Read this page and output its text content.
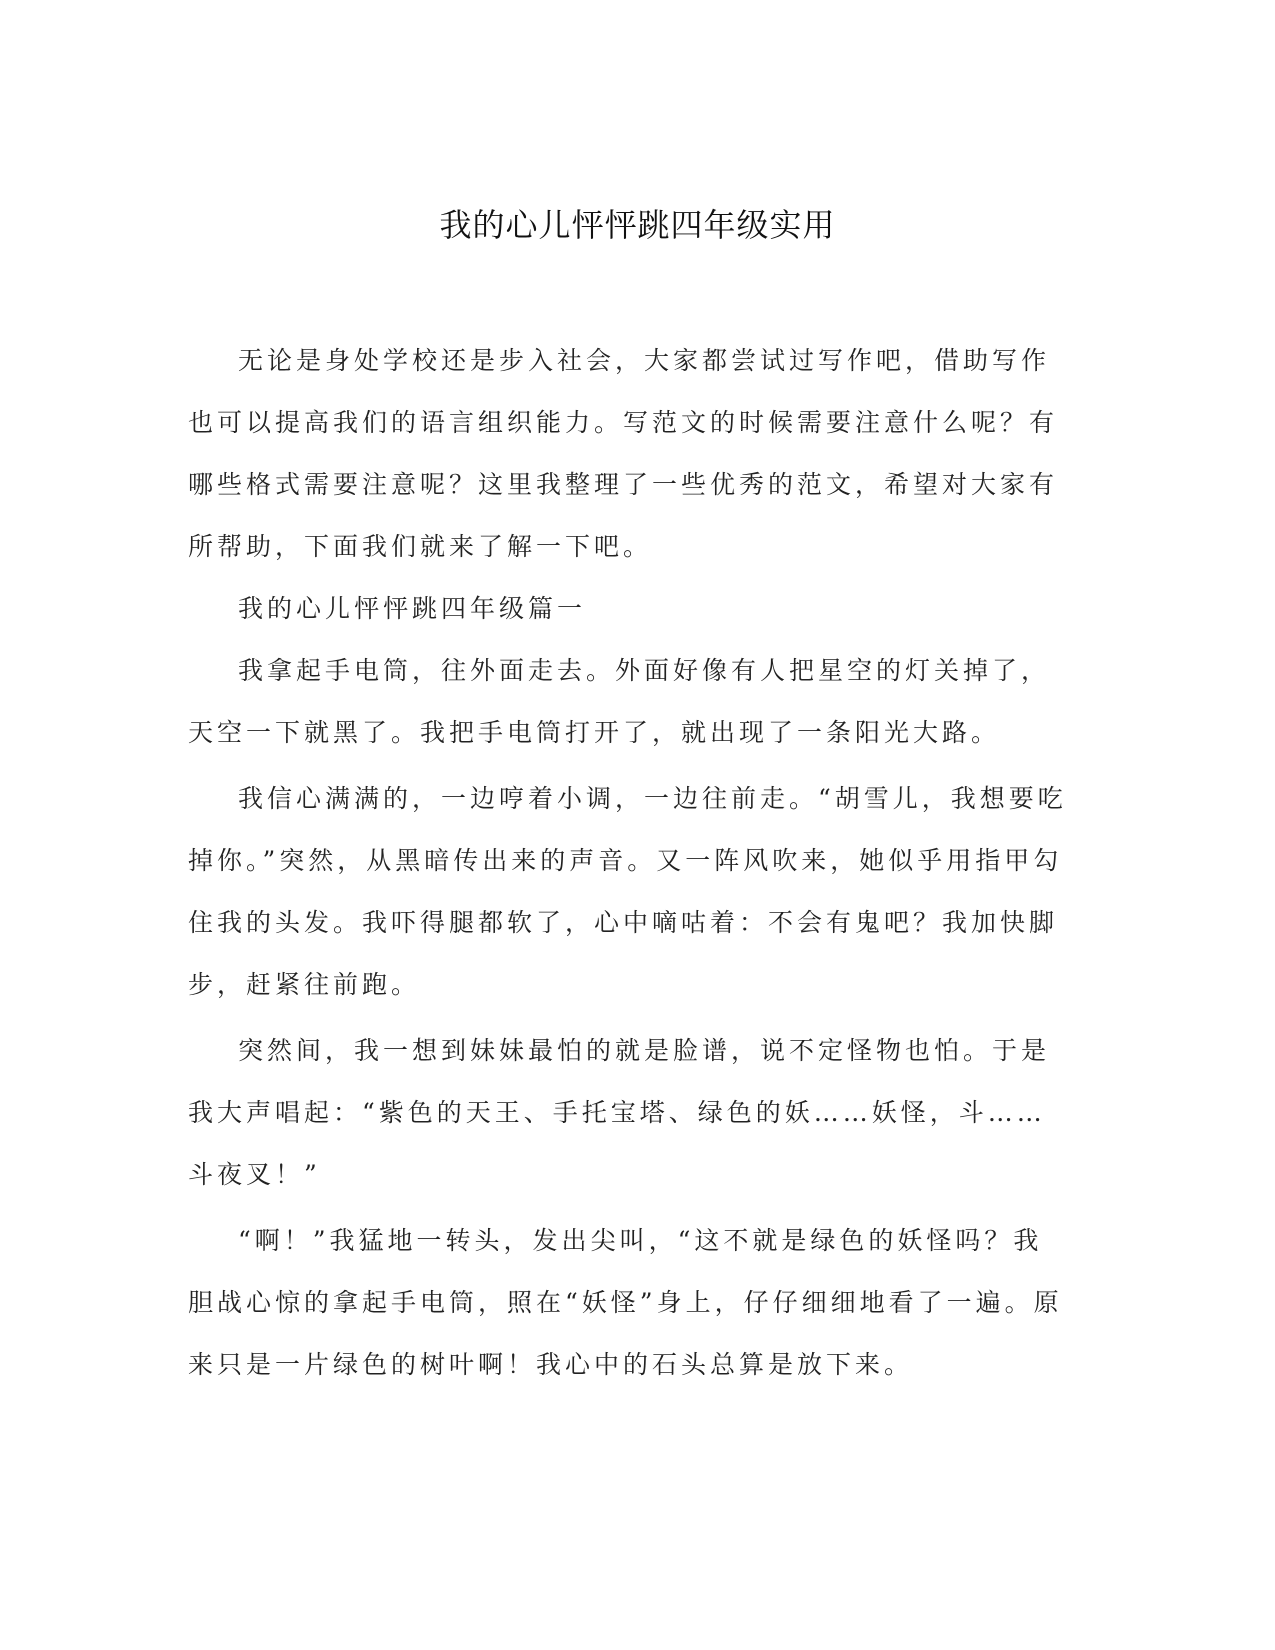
我的心儿怦怦跳四年级实用

无论是身处学校还是步入社会，大家都尝试过写作吧，借助写作也可以提高我们的语言组织能力。写范文的时候需要注意什么呢？有哪些格式需要注意呢？这里我整理了一些优秀的范文，希望对大家有所帮助，下面我们就来了解一下吧。

我的心儿怦怦跳四年级篇一

我拿起手电筒，往外面走去。外面好像有人把星空的灯关掉了，天空一下就黑了。我把手电筒打开了，就出现了一条阳光大路。

我信心满满的，一边哼着小调，一边往前走。“胡雪儿，我想要吃掉你。”突然，从黑暗传出来的声音。又一阵风吹来，她似乎用指甲勾住我的头发。我吓得腿都软了，心中嘀咕着：不会有鬼吧？我加快脚步，赶紧往前跑。

突然间，我一想到妹妹最怕的就是脸谱，说不定怪物也怕。于是我大声唱起：“紫色的天王、手托宝塔、绿色的妖……妖怪，斗……斗夜叉！”

“啊！”我猛地一转头，发出尖叫，“这不就是绿色的妖怪吗？我胆战心惊的拿起手电筒，照在“妖怪”身上，仔仔细细地看了一遍。原来只是一片绿色的树叶啊！我心中的石头总算是放下来。
